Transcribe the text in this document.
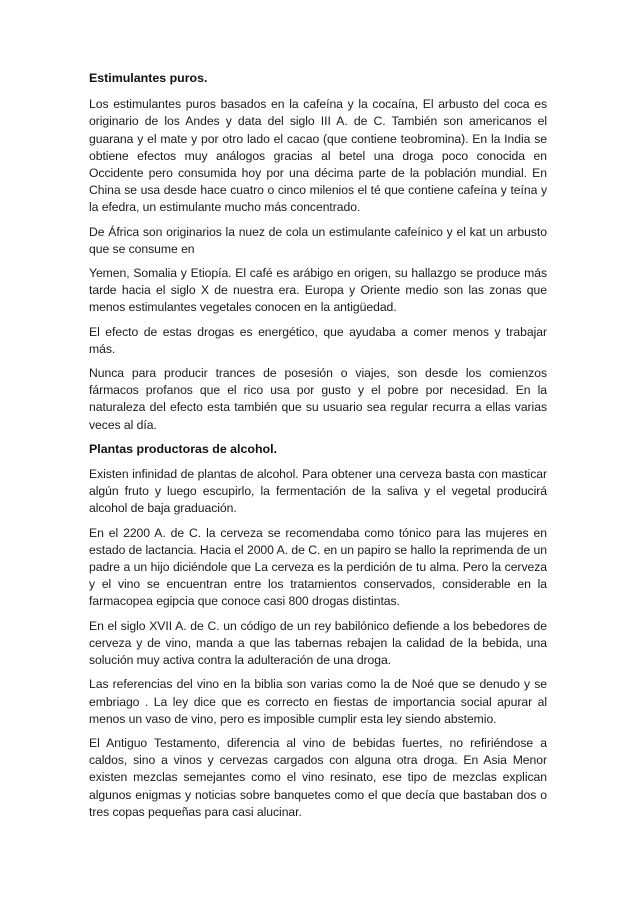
Estimulantes puros.

Los estimulantes puros basados en la cafeína y la cocaína, El arbusto del coca es originario de los Andes y data del siglo III A. de C. También son americanos el guarana y el mate y por otro lado el cacao (que contiene teobromina). En la India se obtiene efectos muy análogos gracias al betel una droga poco conocida en Occidente pero consumida hoy por una décima parte de la población mundial. En China se usa desde hace cuatro o cinco milenios el té que contiene cafeína y teína y la efedra, un estimulante mucho más concentrado.

De África son originarios la nuez de cola un estimulante cafeínico y el kat un arbusto que se consume en

Yemen, Somalia y Etiopía. El café es arábigo en origen, su hallazgo se produce más tarde hacia el siglo X de nuestra era. Europa y Oriente medio son las zonas que menos estimulantes vegetales conocen en la antigüedad.

El efecto de estas drogas es energético, que ayudaba a comer menos y trabajar más.

Nunca para producir trances de posesión o viajes, son desde los comienzos fármacos profanos que el rico usa por gusto y el pobre por necesidad. En la naturaleza del efecto esta también que su usuario sea regular recurra a ellas varias veces al día.

Plantas productoras de alcohol.

Existen infinidad de plantas de alcohol. Para obtener una cerveza basta con masticar algún fruto y luego escupirlo, la fermentación de la saliva y el vegetal producirá alcohol de baja graduación.

En el 2200 A. de C. la cerveza se recomendaba como tónico para las mujeres en estado de lactancia. Hacia el 2000 A. de C. en un papiro se hallo la reprimenda de un padre a un hijo diciéndole que La cerveza es la perdición de tu alma. Pero la cerveza y el vino se encuentran entre los tratamientos conservados, considerable en la farmacopea egipcia que conoce casi 800 drogas distintas.

En el siglo XVII A. de C. un código de un rey babilónico defiende a los bebedores de cerveza y de vino, manda a que las tabernas rebajen la calidad de la bebida, una solución muy activa contra la adulteración de una droga.

Las referencias del vino en la biblia son varias como la de Noé que se denudo y se embriago . La ley dice que es correcto en fiestas de importancia social apurar al menos un vaso de vino, pero es imposible cumplir esta ley siendo abstemio.

El Antiguo Testamento, diferencia al vino de bebidas fuertes, no refiriéndose a caldos, sino a vinos y cervezas cargados con alguna otra droga. En Asia Menor existen mezclas semejantes como el vino resinato, ese tipo de mezclas explican algunos enigmas y noticias sobre banquetes como el que decía que bastaban dos o tres copas pequeñas para casi alucinar.
